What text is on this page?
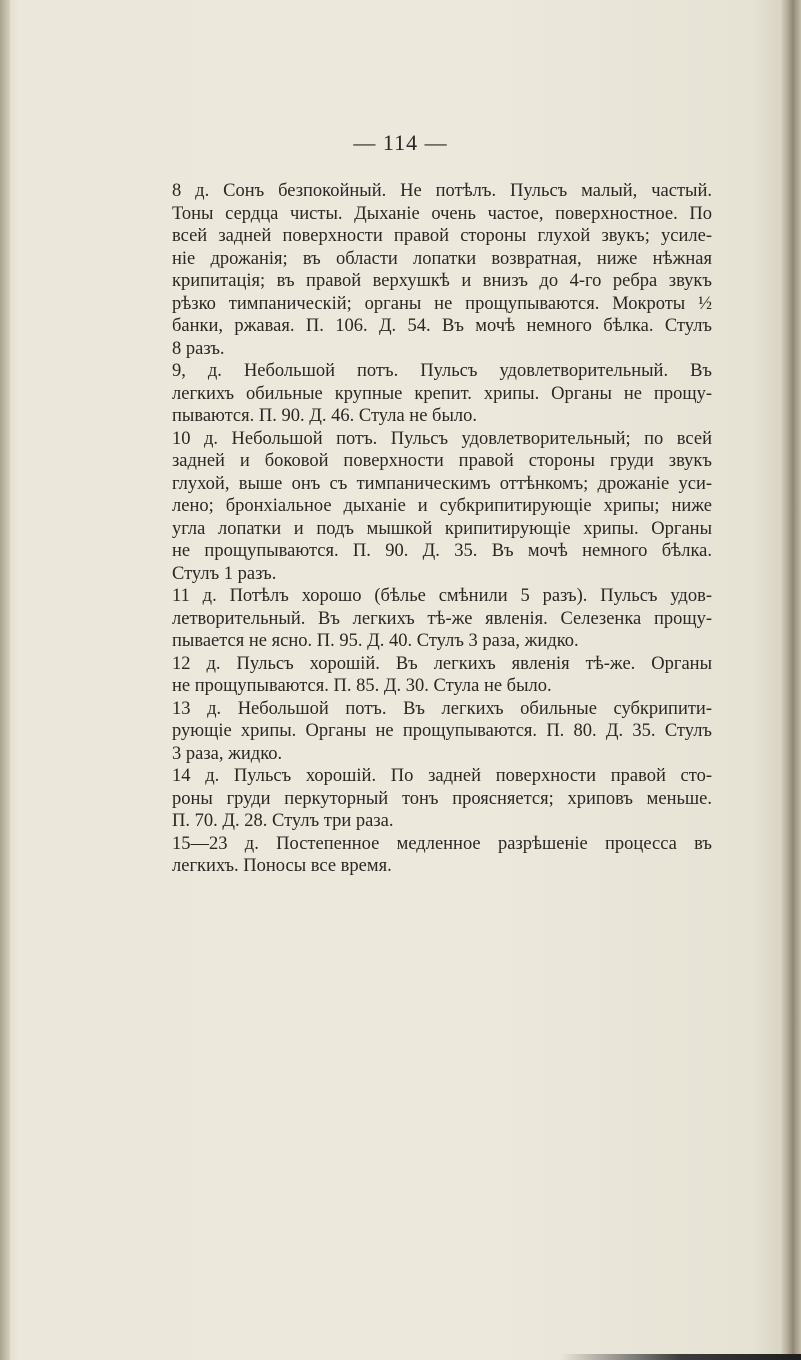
— 114 —

8 д. Сонъ безпокойный. Не потѣлъ. Пульсъ малый, частый.
Тоны сердца чисты. Дыханіе очень частое, поверхностное. По
всей задней поверхности правой стороны глухой звукъ; усиле-
ніе дрожанія; въ области лопатки возвратная, ниже нѣжная
крипитація; въ правой верхушкѣ и внизъ до 4-го ребра звукъ
рѣзко тимпаническій; органы не прощупываются. Мокроты ½
банки, ржавая. П. 106. Д. 54. Въ мочѣ немного бѣлка. Стулъ
8 разъ.

9, д. Небольшой потъ. Пульсъ удовлетворительный. Въ
легкихъ обильные крупные крепит. хрипы. Органы не прощу-
пываются. П. 90. Д. 46. Стула не было.

10 д. Небольшой потъ. Пульсъ удовлетворительный; по всей
задней и боковой поверхности правой стороны груди звукъ
глухой, выше онъ съ тимпаническимъ оттѣнкомъ; дрожаніе уси-
лено; бронхіальное дыханіе и субкрипитирующіе хрипы; ниже
угла лопатки и подъ мышкой крипитирующіе хрипы. Органы
не прощупываются. П. 90. Д. 35. Въ мочѣ немного бѣлка.
Стулъ 1 разъ.

11 д. Потѣлъ хорошо (бѣлье смѣнили 5 разъ). Пульсъ удов-
летворительный. Въ легкихъ тѣ-же явленія. Селезенка прощу-
пывается не ясно. П. 95. Д. 40. Стулъ 3 раза, жидко.

12 д. Пульсъ хорошій. Въ легкихъ явленія тѣ-же. Органы
не прощупываются. П. 85. Д. 30. Стула не было.

13 д. Небольшой потъ. Въ легкихъ обильные субкрипити-
рующіе хрипы. Органы не прощупываются. П. 80. Д. 35. Стулъ
3 раза, жидко.

14 д. Пульсъ хорошій. По задней поверхности правой сто-
роны груди перкуторный тонъ проясняется; хриповъ меньше.
П. 70. Д. 28. Стулъ три раза.

15—23 д. Постепенное медленное разрѣшеніе процесса въ
легкихъ. Поносы все время.
